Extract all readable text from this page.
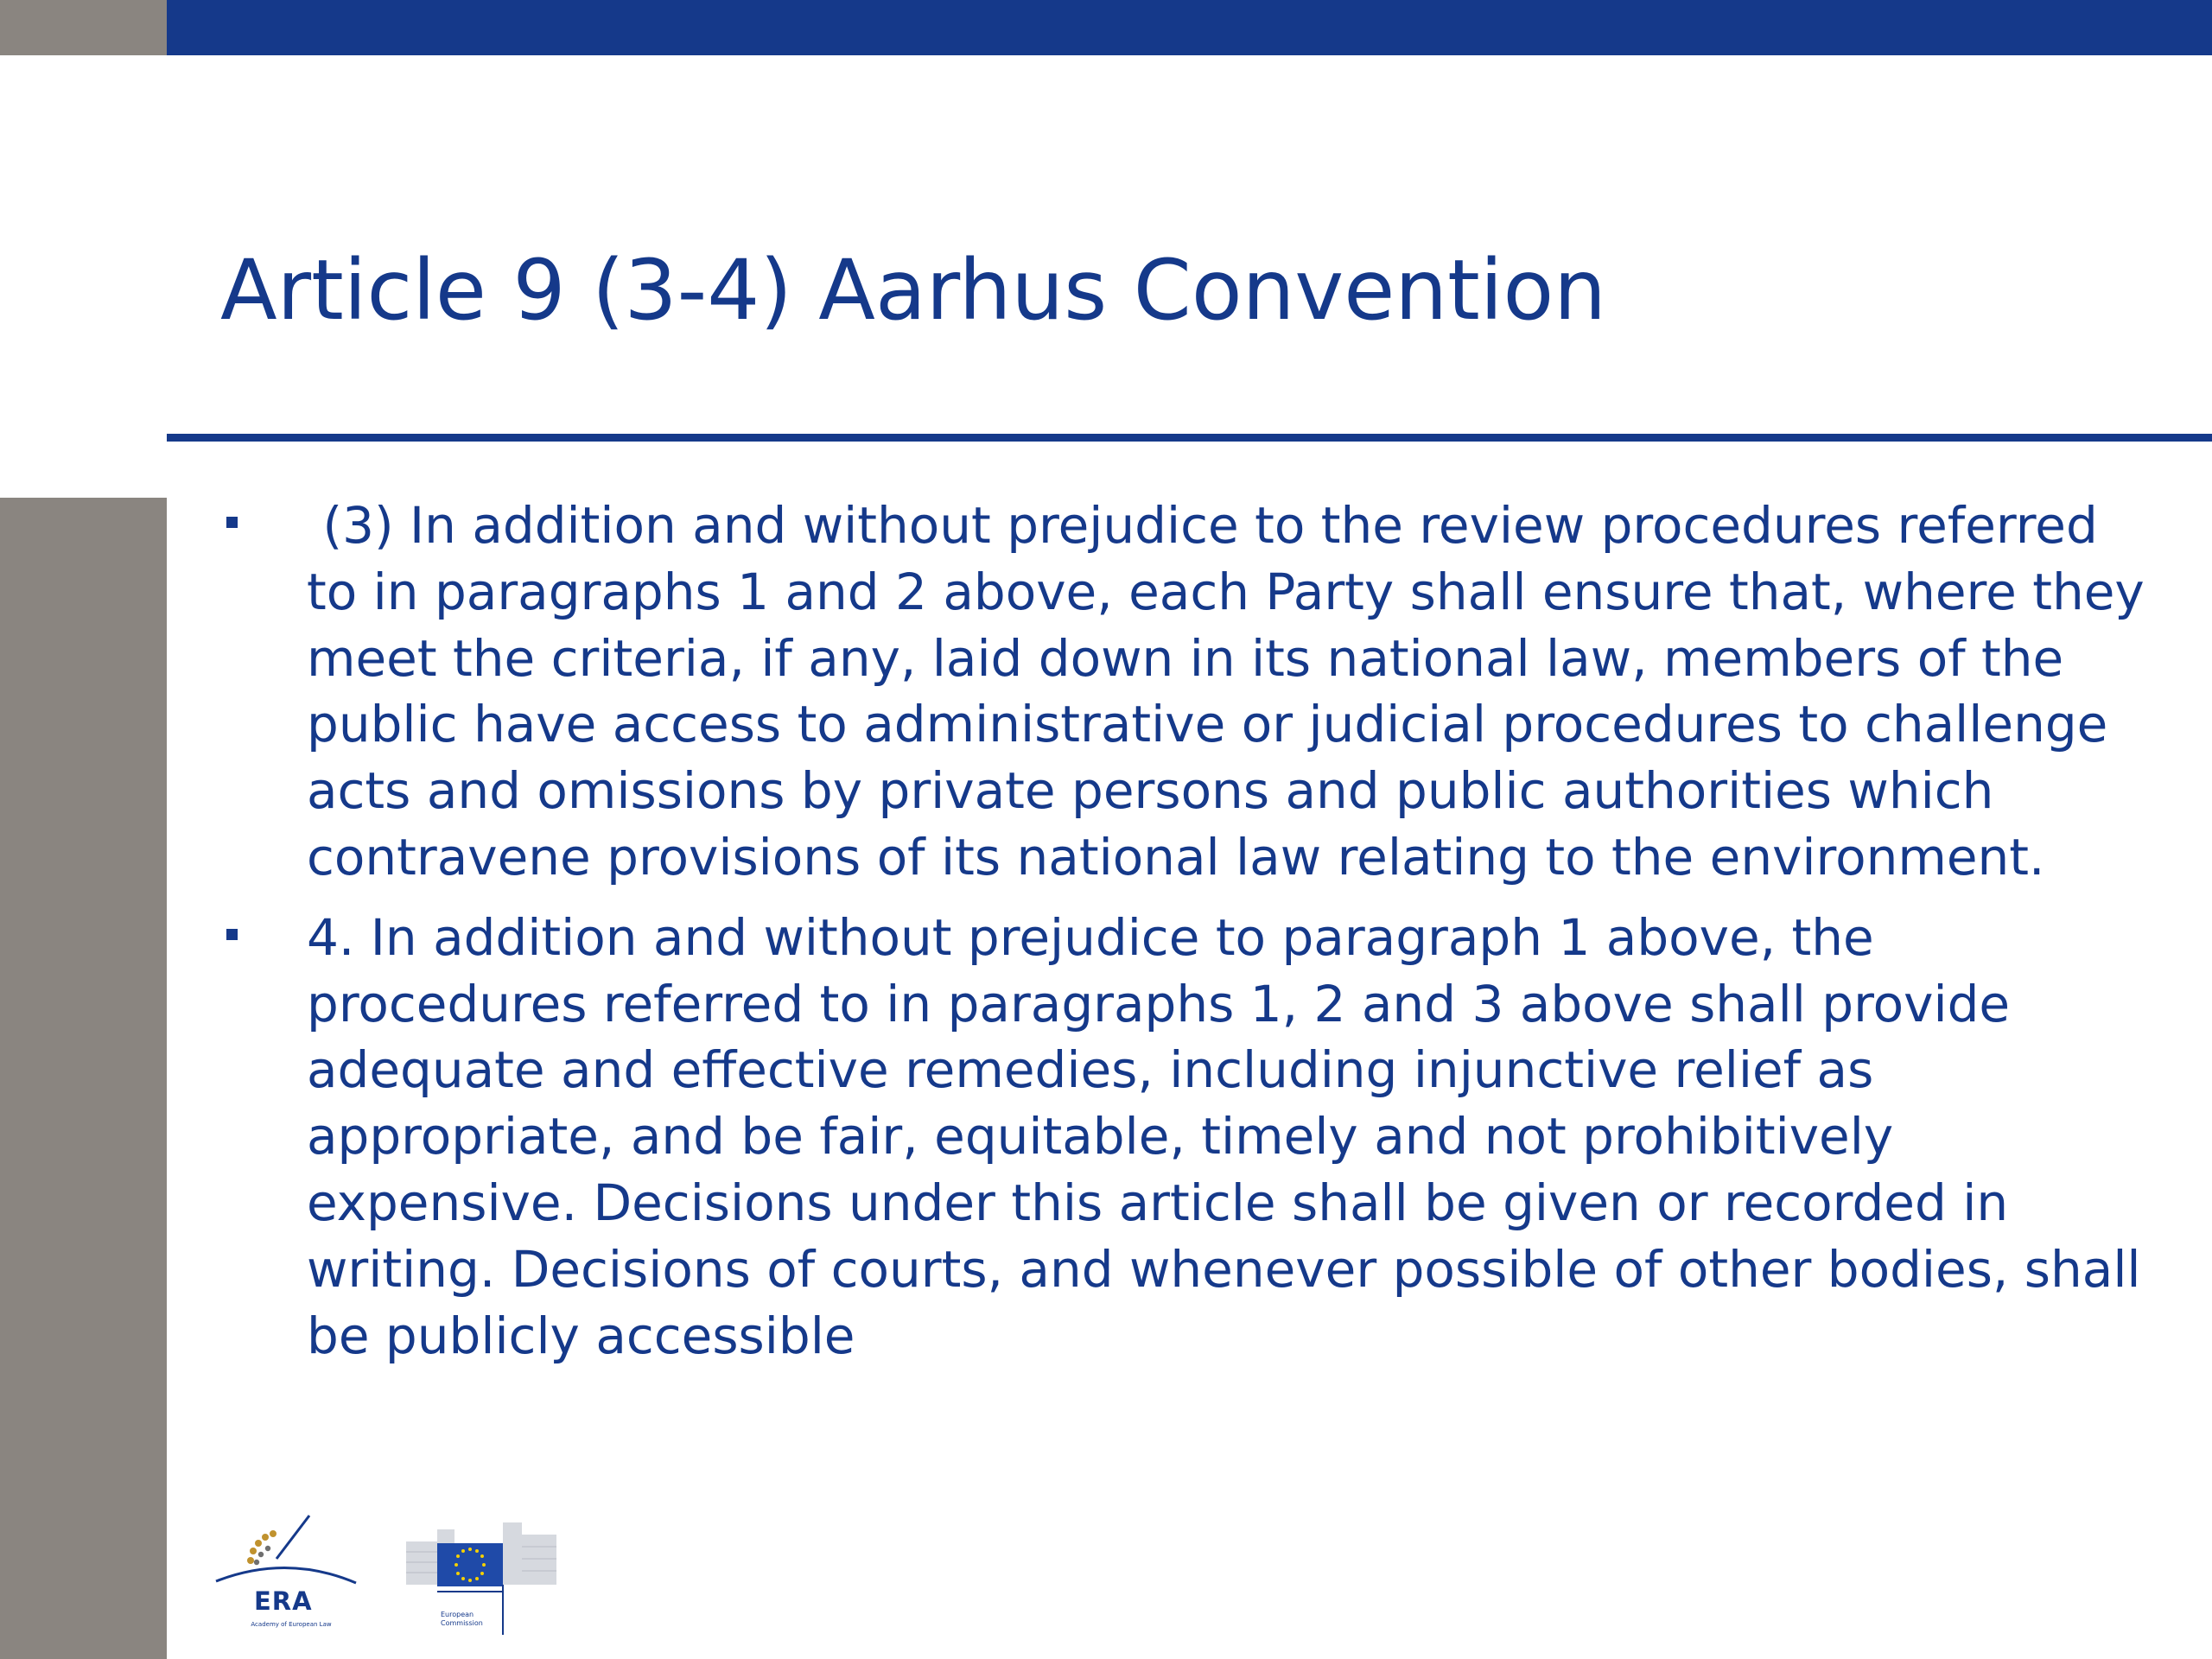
Article 9 (3-4) Aarhus Convention
(3) In addition and without prejudice to the review procedures referred to in paragraphs 1 and 2 above, each Party shall ensure that, where they meet the criteria, if any, laid down in its national law, members of the public have access to administrative or judicial procedures to challenge acts and omissions by private persons and public authorities which contravene provisions of its national law relating to the environment.
4. In addition and without prejudice to paragraph 1 above, the procedures referred to in paragraphs 1, 2 and 3 above shall provide adequate and effective remedies, including injunctive relief as appropriate, and be fair, equitable, timely and not prohibitively expensive. Decisions under this article shall be given or recorded in writing. Decisions of courts, and whenever possible of other bodies, shall be publicly accessible
ERA
Academy of European Law
European Commission
